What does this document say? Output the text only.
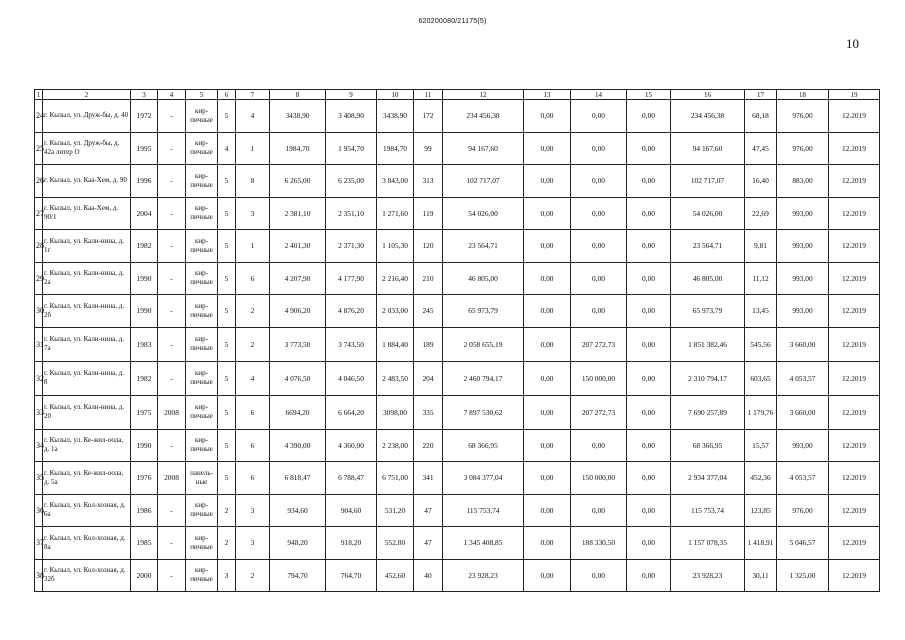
620200080/21175(5)
10
1	2	3	4	5	6	7	8	9	10	11	12	13	14	15	16	17	18	19
24	г. Кызыл, ул. Друж-бы, д. 40	1972	-	кир-пичные	5	4	3438,90	3 408,90	3438,90	172	234 456,38	0,00	0,00	0,00	234 456,38	68,18	976,00	12.2019
25	г. Кызыл, ул. Друж-бы, д. 42а литер О	1995	-	кир-пичные	4	1	1984,70	1 954,70	1984,70	99	94 167,60	0,00	0,00	0,00	94 167,60	47,45	976,00	12.2019
26	г. Кызыл, ул. Каа-Хем, д. 90	1996	-	кир-пичные	5	8	6 265,00	6 235,00	3 843,00	313	102 717,07	0,00	0,00	0,00	102 717,07	16,40	883,00	12.2019
27	г. Кызыл, ул. Каа-Хем, д. 90/1	2004	-	кир-пичные	5	3	2 381,10	2 351,10	1 271,60	119	54 026,00	0,00	0,00	0,00	54 026,00	22,69	993,00	12.2019
28	г. Кызыл, ул. Кали-нина, д. 1г	1982	-	кир-пичные	5	1	2 401,30	2 371,30	1 105,30	120	23 564,71	0,00	0,00	0,00	23 564,71	9,81	993,00	12.2019
29	г. Кызыл, ул. Кали-нина, д. 2а	1990	-	кир-пичные	5	6	4 207,90	4 177,90	2 216,40	210	46 805,00	0,00	0,00	0,00	46 805,00	11,12	993,00	12.2019
30	г. Кызыл, ул. Кали-нина, д. 2б	1990	-	кир-пичные	5	2	4 906,20	4 876,20	2 033,00	245	65 973,79	0,00	0,00	0,00	65 973,79	13,45	993,00	12.2019
31	г. Кызыл, ул. Кали-нина, д. 7а	1983	-	кир-пичные	5	2	3 773,50	3 743,50	1 884,40	189	2 058 655,19	0,00	207 272,73	0,00	1 851 382,46	545,56	3 660,00	12.2019
32	г. Кызыл, ул. Кали-нина, д. 8	1982	-	кир-пичные	5	4	4 076,50	4 046,50	2 483,50	204	2 460 794,17	0,00	150 000,00	0,00	2 310 794,17	603,65	4 053,57	12.2019
33	г. Кызыл, ул. Кали-нина, д. 20	1975	2008	кир-пичные	5	6	6694,20	6 664,20	3098,00	335	7 897 530,62	0,00	207 272,73	0,00	7 690 257,89	1 179,76	3 660,00	12.2019
34	г. Кызыл, ул. Ке-жил-оола, д. 1а	1990	-	кир-пичные	5	6	4 390,00	4 360,00	2 238,00	220	68 366,95	0,00	0,00	0,00	68 366,95	15,57	993,00	12.2019
35	г. Кызыл, ул. Ке-жил-оола, д. 5а	1976	2008	панель-ные	5	6	6 818,47	6 788,47	6 751,00	341	3 084 377,04	0,00	150 000,00	0,00	2 934 377,04	452,36	4 053,57	12.2019
36	г. Кызыл, ул. Кол-хозная, д. 6а	1986	-	кир-пичные	2	3	934,60	904,60	531,20	47	115 753,74	0,00	0,00	0,00	115 753,74	123,85	976,00	12.2019
37	г. Кызыл, ул. Кол-хозная, д. 8а	1985	-	кир-пичные	2	3	948,20	918,20	552,80	47	1 345 408,85	0,00	188 330,50	0,00	1 157 078,35	1 418,91	5 046,57	12.2019
38	г. Кызыл, ул. Кол-хозная, д. 32б	2000	-	кир-пичные	3	2	794,70	764,70	452,60	40	23 928,23	0,00	0,00	0,00	23 928,23	30,11	1 325,00	12.2019
